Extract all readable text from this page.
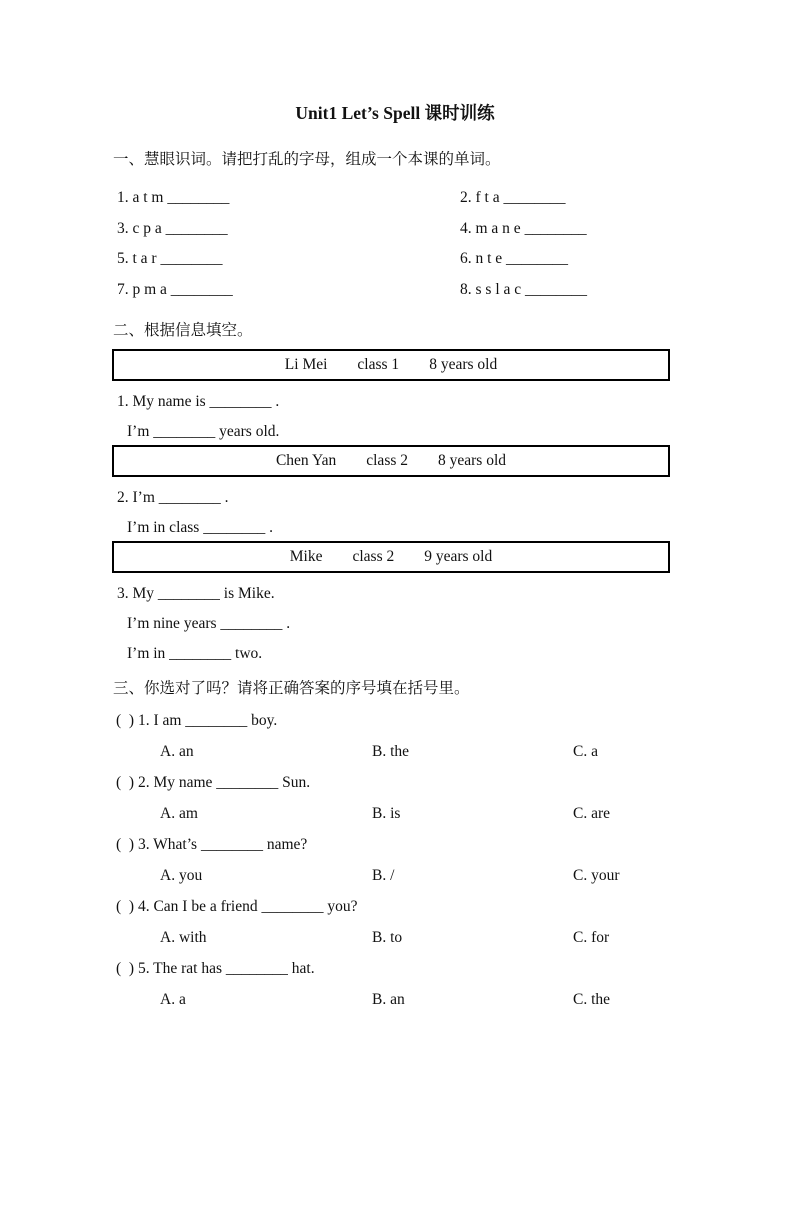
Unit1 Let’s Spell 课时训练
一、慧眼识词。请把打乱的字母，组成一个本课的单词。
1. a t m ________	2. f t a ________
3. c p a ________	4. m a n e ________
5. t a r ________	6. n t e ________
7. p m a ________	8. s s l a c ________
二、根据信息填空。
Li Mei class 1 8 years old
1. My name is ________ .
I’m ________ years old.
Chen Yan class 2 8 years old
2. I’m ________ .
I’m in class ________ .
Mike class 2 9 years old
3. My ________ is Mike.
I’m nine years ________ .
I’m in ________ two.
三、你选对了吗？请将正确答案的序号填在括号里。
(  ) 1. I am ________ boy.
A. an	B. the	C. a
(  ) 2. My name ________ Sun.
A. am	B. is	C. are
(  ) 3. What’s ________ name?
A. you	B. /	C. your
(  ) 4. Can I be a friend ________ you?
A. with	B. to	C. for
(  ) 5. The rat has ________ hat.
A. a	B. an	C. the
